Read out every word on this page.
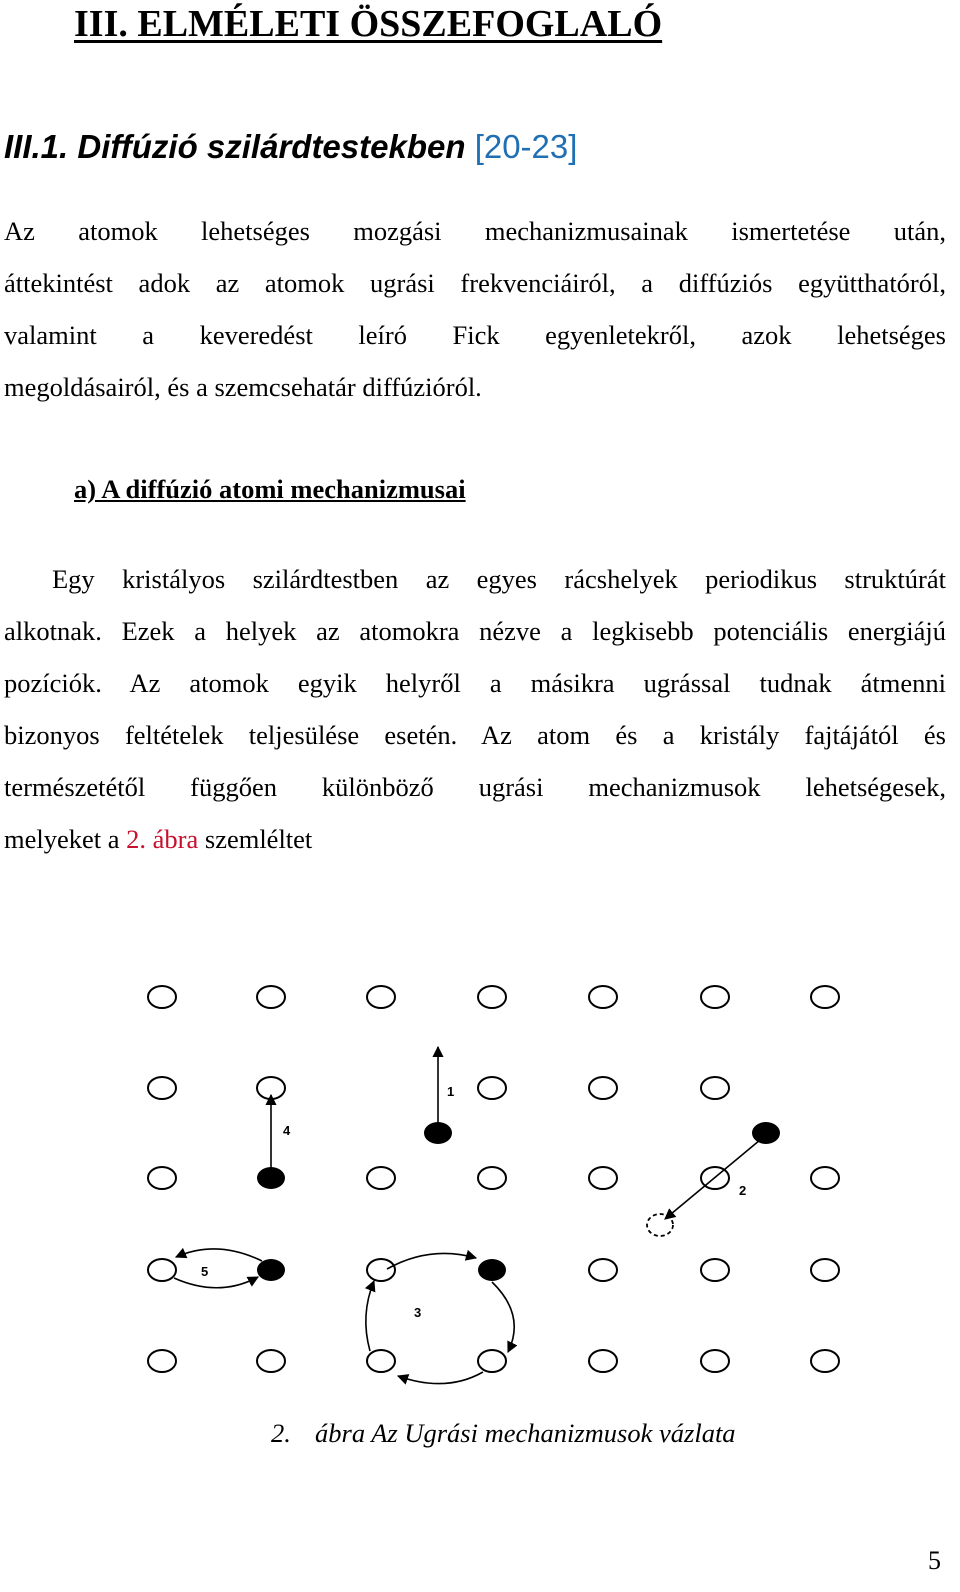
III. ELMÉLETI ÖSSZEFOGLALÓ
III.1. Diffúzió szilárdtestekben [20-23]
Az atomok lehetséges mozgási mechanizmusainak ismertetése után,
áttekintést adok az atomok ugrási frekvenciáiról, a diffúziós együtthatóról,
valamint a keveredést leíró Fick egyenletekről, azok lehetséges
megoldásairól, és a szemcsehatár diffúzióról.
a) A diffúzió atomi mechanizmusai
Egy kristályos szilárdtestben az egyes rácshelyek periodikus struktúrát
alkotnak. Ezek a helyek az atomokra nézve a legkisebb potenciális energiájú
pozíciók. Az atomok egyik helyről a másikra ugrással tudnak átmenni
bizonyos feltételek teljesülése esetén. Az atom és a kristály fajtájától és
természetétől függően különböző ugrási mechanizmusok lehetségesek,
melyeket a 2. ábra szemléltet
1
2
3
4
5
2. ábra Az Ugrási mechanizmusok vázlata
5
